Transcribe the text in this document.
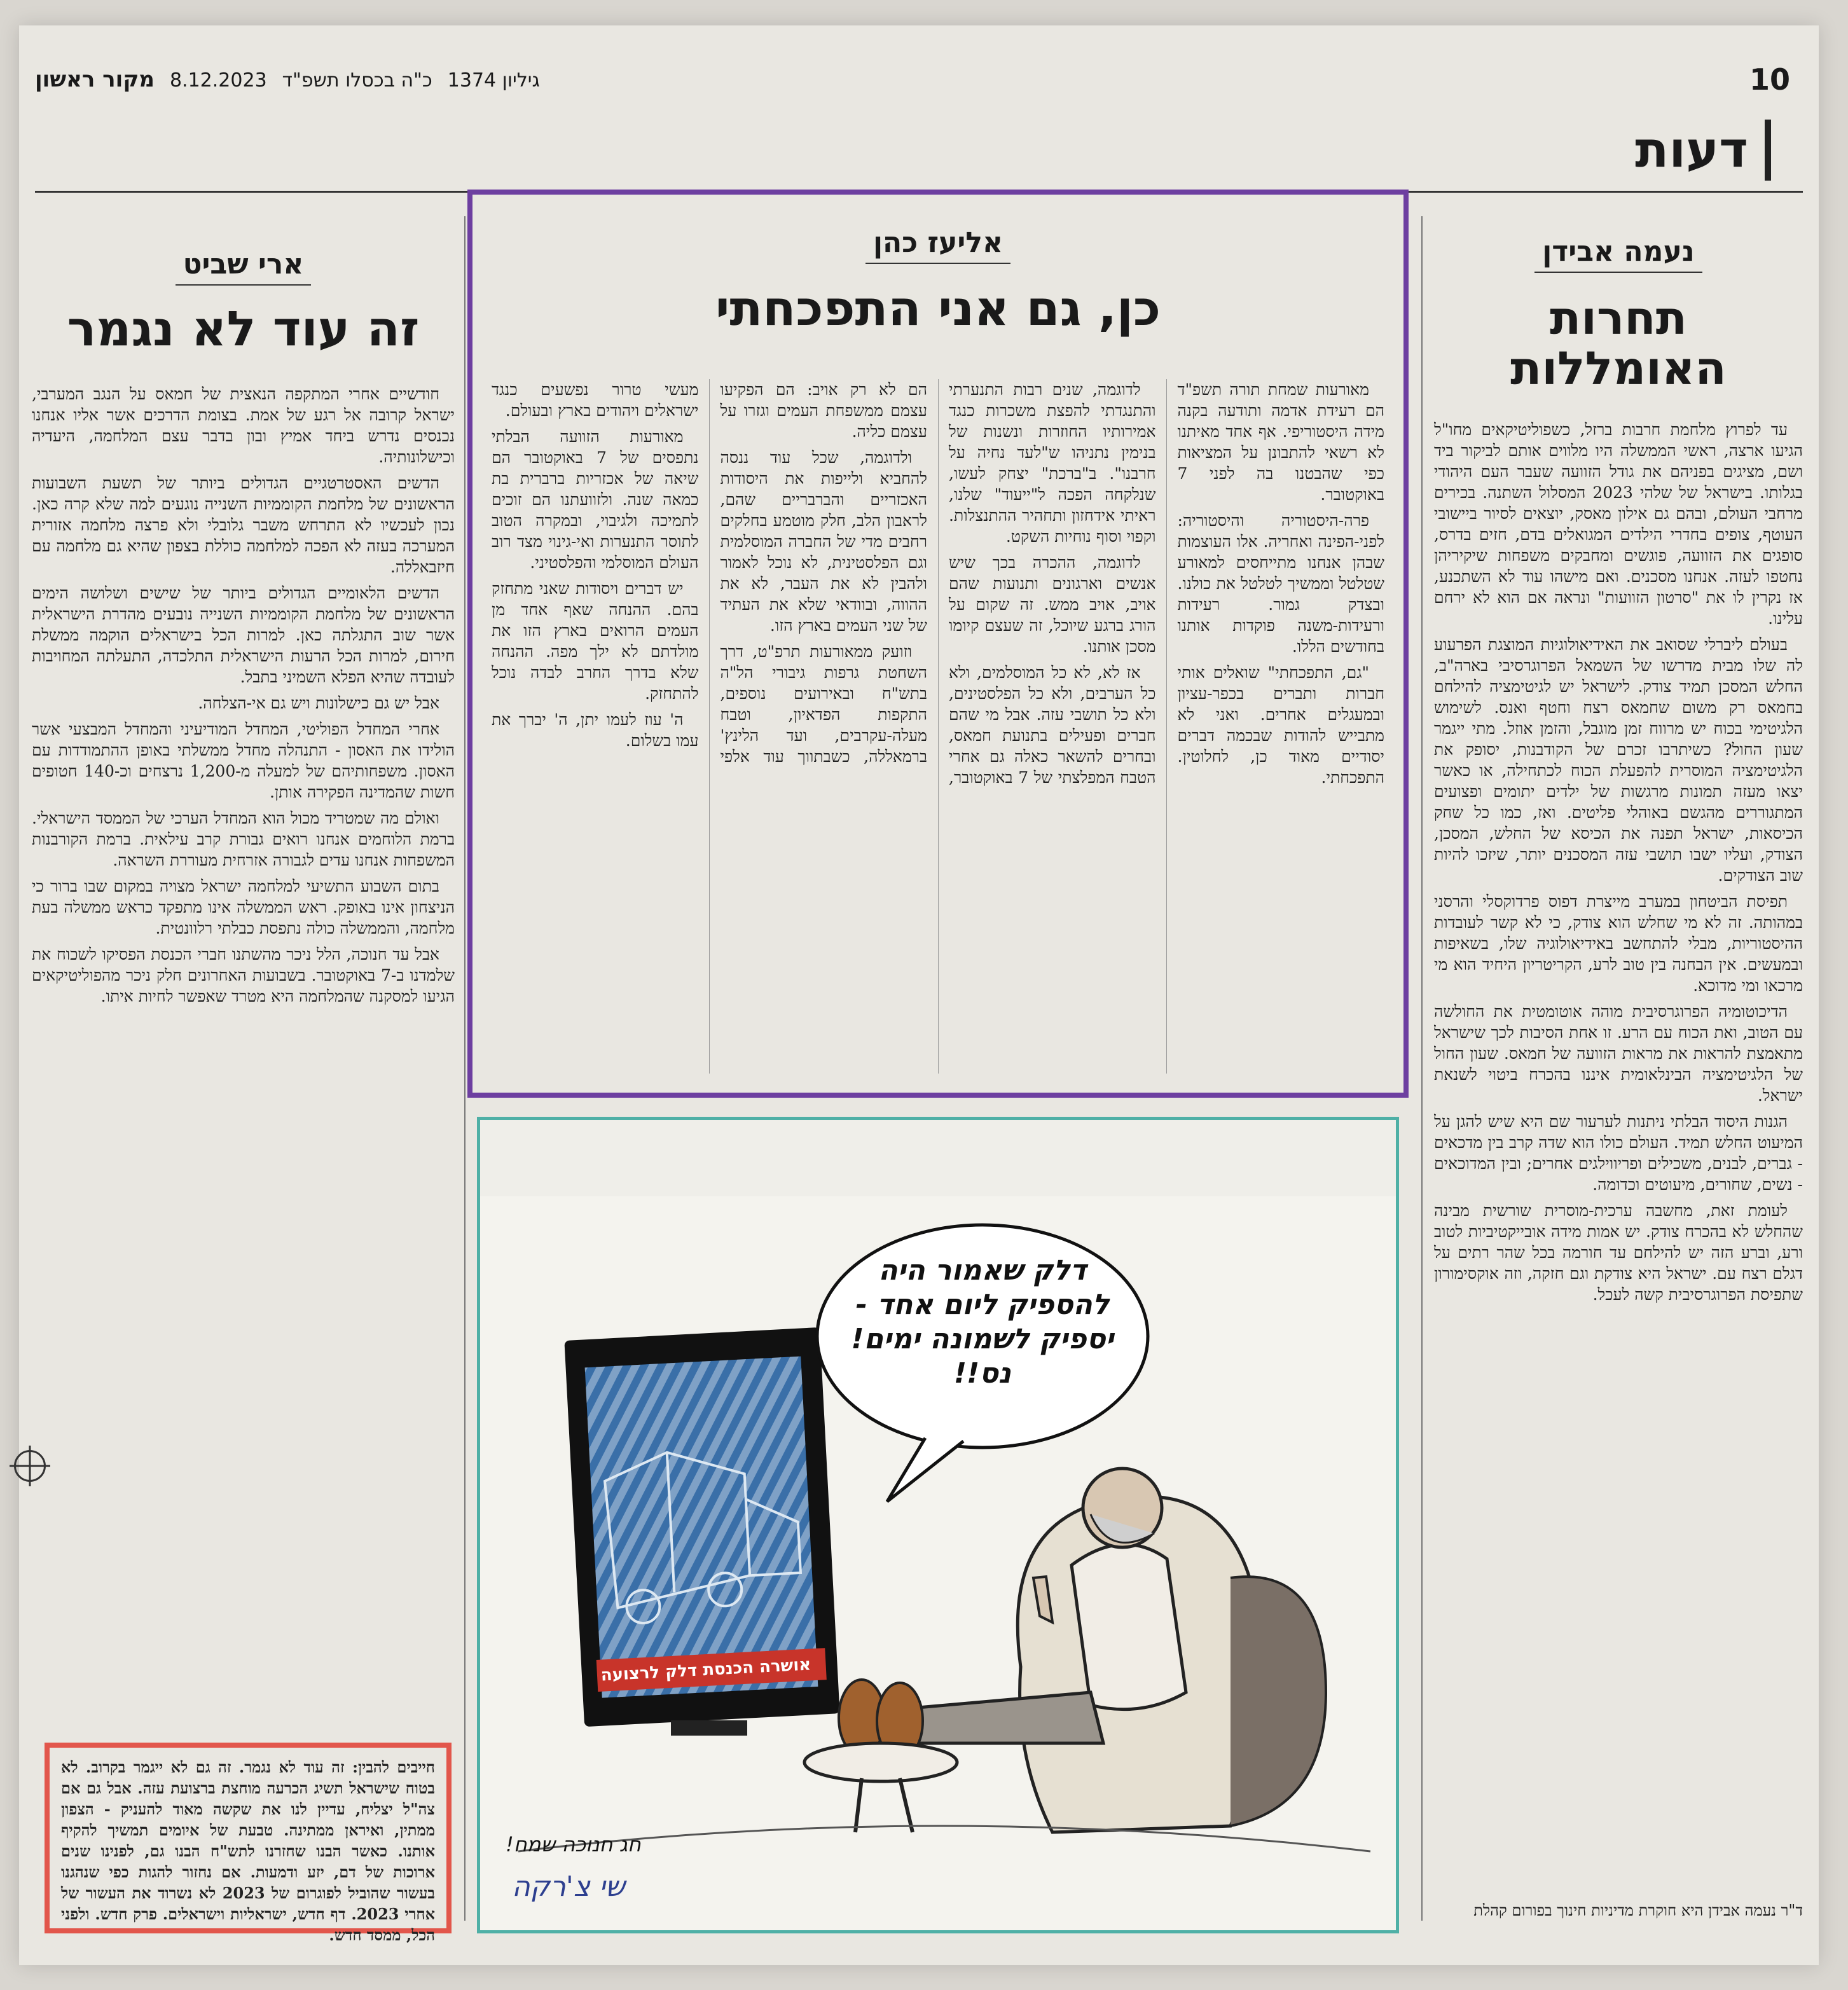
מקור ראשון 8.12.2023 כ"ה בכסלו תשפ"ד גיליון 1374	10
דעות
נעמה אבידן
תחרות האומללות

עד לפרוץ מלחמת חרבות ברזל, כשפוליטיקאים מחו"ל הגיעו ארצה, ראשי הממשלה היו מלווים אותם לביקור ביד ושם, מציגים בפניהם את גודל הזוועה שעבר העם היהודי בגלותו. בישראל של שלהי 2023 המסלול השתנה. בכירים מרחבי העולם, ובהם גם אילון מאסק, יוצאים לסיור ביישובי העוטף, צופים בחדרי הילדים המגואלים בדם, חזים בדרס, סופגים את הזוועה, פוגשים ומחבקים משפחות שיקיריהן נחטפו לעזה. אנחנו מסכנים. ואם מישהו עוד לא השתכנע, אז נקרין לו את "סרטון הזוועות" ונראה אם הוא לא ירחם עלינו.

בעולם ליברלי שסואב את האידיאולוגיות המוצגת הפרעוע לה שלו מבית מדרשו של השמאל הפרוגרסיבי בארה"ב, החלש המסכן תמיד צודק. לישראל יש לגיטימציה להילחם בחמאס רק משום שחמאס רצח וחטף ואנס. לשימוש הלגיטימי בכוח יש מרווח זמן מוגבל, והזמן אוזל. מתי ייגמר שעון החול? כשיתרבו זכרם של הקודבנות, יסופק את הלגיטימציה המוסרית להפעלת הכוח לכתחילה, או כאשר יצאו מעזה תמונות מרגשות של ילדים יתומים ופצועים המתגוררים מהגשם באוהלי פליטים. ואז, כמו כל שחק הכיסאות, ישראל תפנה את הכיסא של החלש, המסכן, הצודק, ועליו ישבו תושבי עזה המסכנים יותר, שיזכו להיות שוב הצודקים.

תפיסת הביטחון במערב מייצרת דפוס פרדוקסלי והרסני במהותה. זה לא מי שחלש הוא צודק, כי לא קשר לעובדות ההיסטוריות, מבלי להתחשב באידיאולוגיה שלו, בשאיפות ובמעשים. אין הבחנה בין טוב לרע, הקריטריון היחיד הוא מי מרכאו ומי מדוכא.

הדיכוטומיה הפרוגרסיבית מוהה אוטומטית את החולשה עם הטוב, ואת הכוח עם הרע. זו אחת הסיבות לכך שישראל מתאמצת להראות את מראות הזוועה של חמאס. שעון החול של הלגיטימציה הבינלאומית איננו בהכרח ביטוי לשנאת ישראל.

הגנות היסוד הבלתי ניתנות לערעור שם היא שיש להגן על המיעוט החלש תמיד. העולם כולו הוא שדה קרב בין מדכאים - גברים, לבנים, משכילים ופריווילגים אחרים; ובין המדוכאים - נשים, שחורים, מיעוטים וכדומה.

לעומת זאת, מחשבה ערכית-מוסרית שורשית מבינה שהחלש לא בהכרח צודק. יש אמות מידה אובייקטיביות לטוב ורע, וברע הזה יש להילחם עד חורמה בכל שהר רתים על דגלם רצח עם. ישראל היא צודקת וגם חזקה, וזה אוקסימורון שתפיסת הפרוגרסיבית קשה לעכל.

ד"ר נעמה אבידן היא חוקרת מדיניות חינוך בפורום קהלת
אליעז כהן
כן, גם אני התפכחתי

מאורעות שמחת תורה תשפ"ד הם רעידת אדמה ותודעה בקנה מידה היסטוריפי. אף אחד מאיתנו לא רשאי להתבונן על המציאות כפי שהבטנו בה לפני 7 באוקטובר.

פרה-היסטוריה והיסטוריה: לפני-הפינה ואחריה. אלו העוצמות שבהן אנחנו מתייחסים למאורע שטלטל וממשיך לטלטל את כולנו. ובצדק גמור. רעידות ורעידות-משנה פוקדות אותנו בחודשים הללו.

"גם, התפכחתי" שואלים אותי חברות ותברים בכפר-עציון ובמעגלים אחרים. ואני לא מתבייש להודות שבכמה דברים יסודיים מאוד כן, לחלוטין. התפכחתי.

לדוגמה, שנים רבות התנערתי והתנגדתי להפצת משכרות כנגד אמירותיו החוזרות ונשנות של בנימין נתניהו ש"לעד נחיה על חרבנו". ב"ברכת" יצחק לעשו, שנלקחה הפכה ל"ייעוד" שלנו, ראיתי אידחזון ותחהיר ההתנצלות. וקפוי וסוף נוחיות השקט.

לדוגמה, ההכרה בכך שיש אנשים וארגונים ותנועות שהם אויב, אויב ממש. זה שקום על הורג ברגע שיוכל, זה שעצם קיומו מסכן אותנו.

אז לא, לא כל המוסלמים, ולא כל הערבים, ולא כל הפלסטינים, ולא כל תושבי עזה. אבל מי שהם חברים ופעילים בתנועת חמאס, ובחרים להשאר כאלה גם אחרי הטבח המפלצתי של 7 באוקטובר, הם לא רק אויב: הם הפקיעו עצמם ממשפחת העמים וגזרו על עצמם כליה.

ולדוגמה, שכל עוד ננסה להחביא ולייפות את היסודות האכזריים והברבריים שהם, לראבון הלב, חלק מוטמע בחלקים רחבים מדי של החברה המוסלמית וגם הפלסטינית, לא נוכל לאמור ולהבין לא את העבר, לא את ההווה, ובוודאי שלא את העתיד של שני העמים בארץ הזו.

וזועק ממאורעות תרפ"ט, דרך השחטת גרפות גיבורי הל"ה בתש"ח ובאירועים נוספים, התקפות הפדאיון, וטבח מעלה-עקרבים, ועד הלינץ' ברמאללה, כשבתווך עוד אלפי מעשי טרור נפשעים כנגד ישראלים ויהודים בארץ ובעולם.

מאורעות הזוועה הבלתי נתפסים של 7 באוקטובר הם שיאה של אכזריות ברברית בת כמאה שנה. ולזוועתנו הם זוכים לתמיכה ולגיבוי, ובמקרה הטוב לתוסר התנערות ואי-גינוי מצד רוב העולם המוסלמי והפלסטיני.

יש דברים ויסודות שאני מתחזק בהם. ההנחה שאף אחד מן העמים הרואים בארץ הזו את מולדתם לא ילך מפה. ההנחה שלא בדרך החרב לבדה נוכל להתחזק.

ה' עוז לעמו יתן, ה' יברך את עמו בשלום.

ארי שביט
זה עוד לא נגמר

חודשיים אחרי המתקפה הנאצית של חמאס על הנגב המערבי, ישראל קרובה אל רגע של אמת. בצומת הדרכים אשר אליו אנחנו נכנסים נדרש ביחד אמיץ ובון בדבר עצם המלחמה, היעדיה וכישלונותיה.

הדשים האסטרטגיים הגדולים ביותר של תשעת השבועות הראשונים של מלחמת הקוממיות השנייה נוגעים למה שלא קרה כאן. נכון לעכשיו לא התרחש משבר גלובלי ולא פרצה מלחמה אזורית המערכה בעזה לא הפכה למלחמה כוללת בצפון שהיא גם מלחמה עם חיזבאללה.

הדשים הלאומיים הגדולים ביותר של שישים ושלושה הימים הראשונים של מלחמת הקוממיות השנייה נובעים מהדרת הישראלית אשר שוב התגלתה כאן. למרות הכל בישראלים הוקמה ממשלת חירום, למרות הכל הרעות הישראלית התלכדה, התעלתה המחויבות לעובדה שהיא הפלא השמיני בתבל.

אבל יש גם כישלונות ויש גם אי-הצלחה.

אחרי המחדל הפוליטי, המחדל המודיעיני והמחדל המבצעי אשר הולידו את האסון - התנהלה מחדל ממשלתי באופן ההתמודדות עם האסון. משפחותיהם של למעלה מ-1,200 נרצחים וכ-140 חטופים חשות שהמדינה הפקירה אותן.

ואולם מה שמטריד מכול הוא המחדל הערכי של הממסד הישראלי. ברמת הלוחמים אנחנו רואים גבורת קרב עילאית. ברמת הקורבנות המשפחות אנחנו עדים לגבורה אזרחית מעוררת השראה.

בתום השבוע התשיעי למלחמה ישראל מצויה במקום שבו ברור כי הניצחון אינו באופק. ראש הממשלה אינו מתפקד כראש ממשלה בעת מלחמה, והממשלה כולה נתפסת כבלתי רלוונטית.

אבל עד חנוכה, הלל ניכר מהשתנו חברי הכנסת הפסיקו לשכוח את שלמדנו ב-7 באוקטובר. בשבועות האחרונים חלק ניכר מהפוליטיקאים הגיעו למסקנה שהמלחמה היא מטרד שאפשר לחיות איתו.

חייבים להבין: זה עוד לא נגמר. זה גם לא ייגמר בקרוב. לא בטוח שישראל תשיג הכרעה מוחצת ברצועת עזה. אבל גם אם צה"ל יצליח, עדיין לנו את שקשה מאוד להעניק - הצפון ממתין, ואיראן ממתינה. טבעת של איומים תמשיך להקיף אותנו. כאשר הבנו שחזרנו לתש"ח הבנו גם, לפנינו שנים ארוכות של דם, יזע ודמעות. אם נחזור להגות כפי שנהגנו בעשור שהוביל לפוגרום של 2023 לא נשרוד את העשור של אחרי 2023. דף חדש, ישראליות וישראלים. פרק חדש. ולפני הכל, ממסד חדש.
דלק שאמור היה
להספיק ליום אחד -
יספיק לשמונה ימים!
נס!!
אושרה הכנסת דלק לרצועה
חג חנוכה שמח!
שי צ'רקה
